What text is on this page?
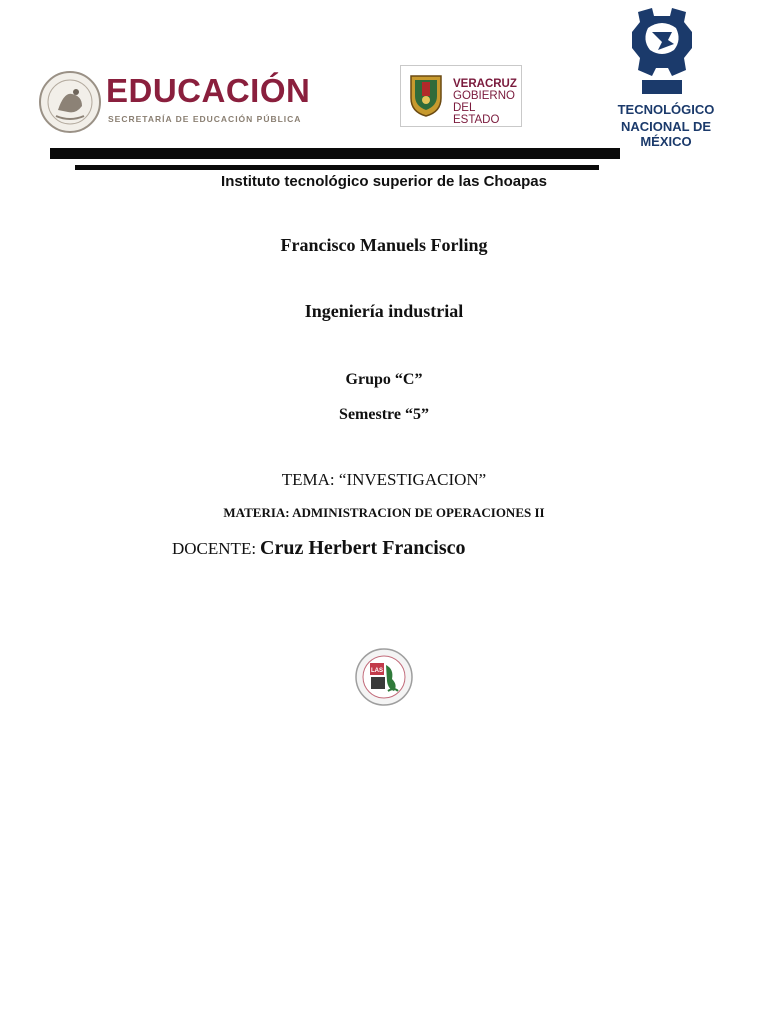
EDUCACIÓN
SECRETARÍA DE EDUCACIÓN PÚBLICA
VERACRUZ
GOBIERNO
DEL ESTADO
TECNOLÓGICO
NACIONAL DE MÉXICO
Instituto tecnológico superior de las Choapas
Francisco Manuels Forling
Ingeniería industrial
Grupo “C”
Semestre “5”
TEMA: “INVESTIGACION”
MATERIA: ADMINISTRACION DE OPERACIONES II
DOCENTE: Cruz Herbert Francisco
LAS
